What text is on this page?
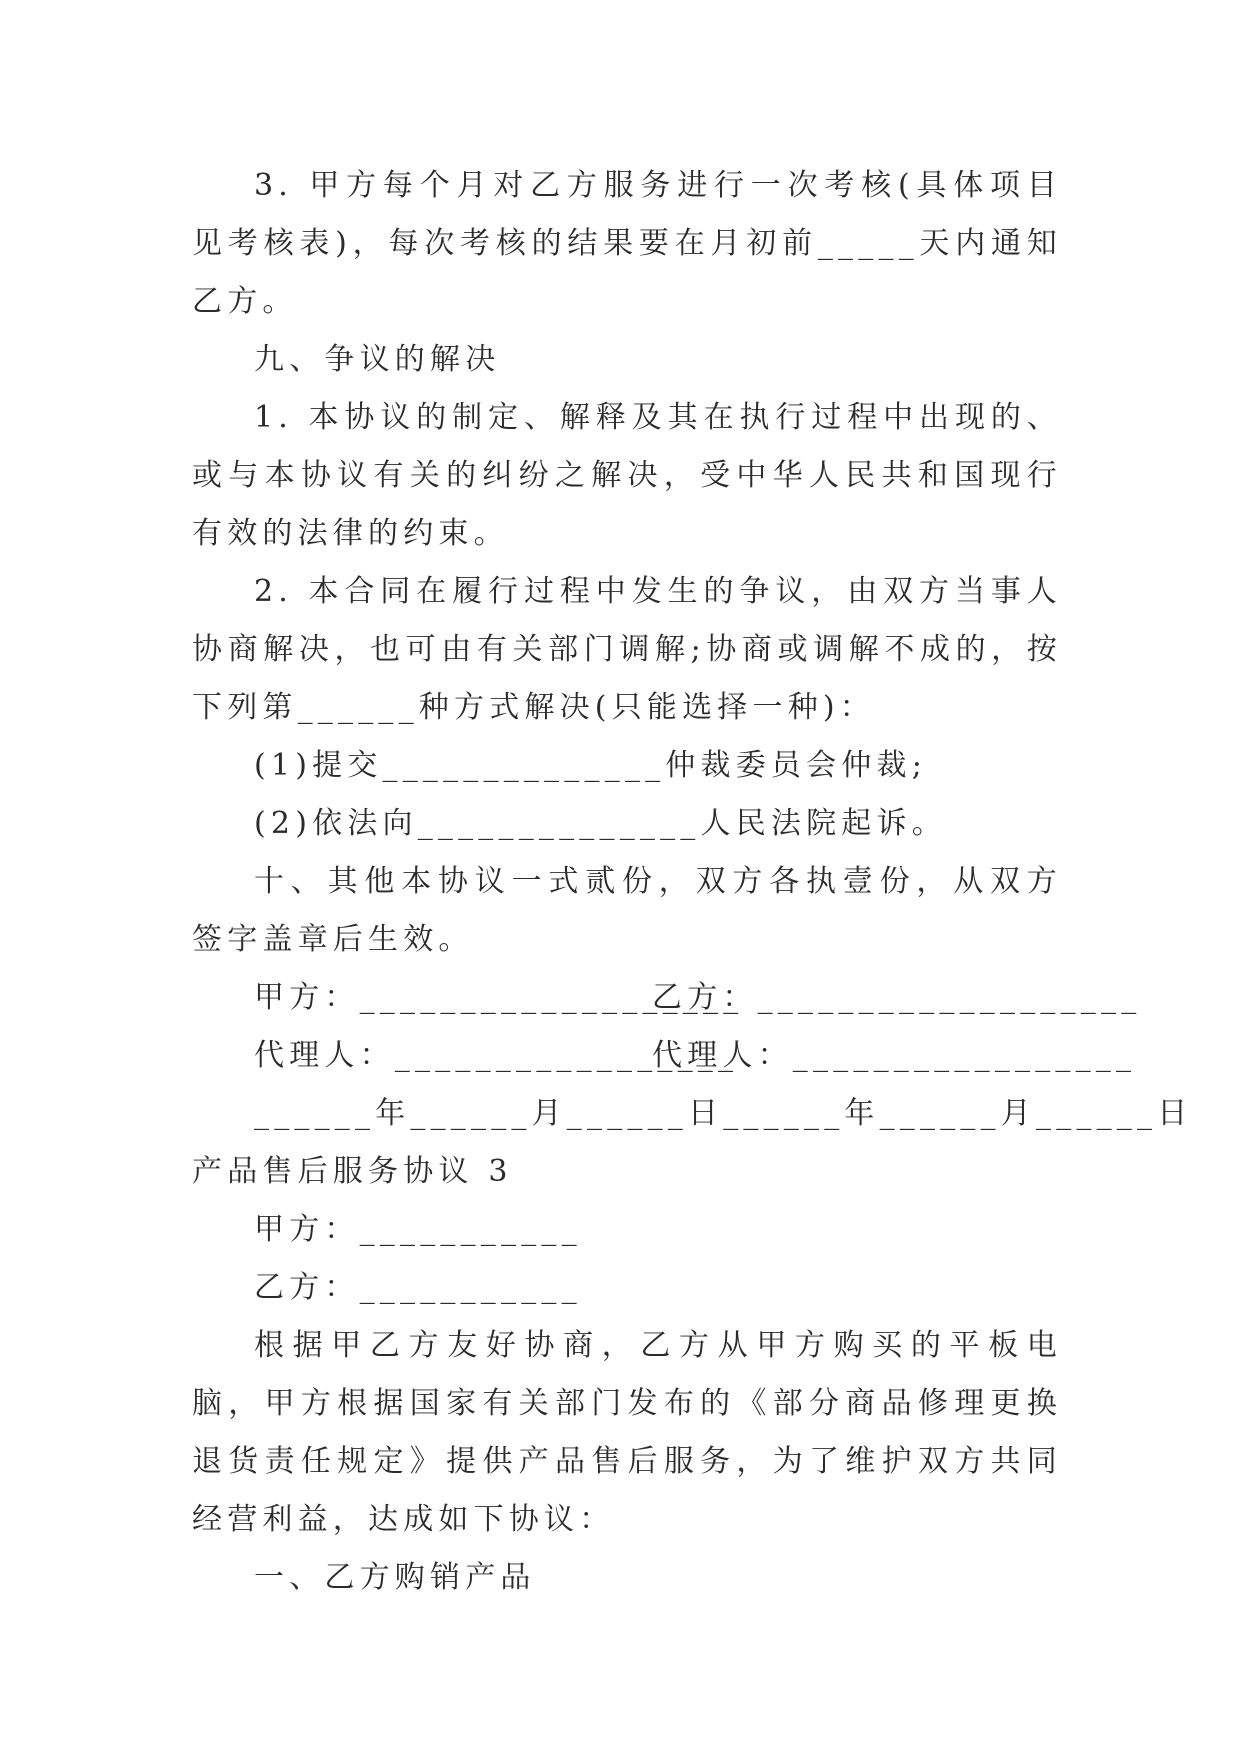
3. 甲方每个月对乙方服务进行一次考核(具体项目见考核表)，每次考核的结果要在月初前_____天内通知乙方。

九、争议的解决

1. 本协议的制定、解释及其在执行过程中出现的、或与本协议有关的纠纷之解决，受中华人民共和国现行有效的法律的约束。

2. 本合同在履行过程中发生的争议，由双方当事人协商解决，也可由有关部门调解;协商或调解不成的，按下列第______种方式解决(只能选择一种)：

(1)提交______________仲裁委员会仲裁;

(2)依法向______________人民法院起诉。

十、其他本协议一式贰份，双方各执壹份，从双方签字盖章后生效。

甲方：___________________
乙方：___________________
代理人：_________________
代理人：_________________
______年______月______日______年______月______日

产品售后服务协议 3

甲方：___________

乙方：___________

根据甲乙方友好协商，乙方从甲方购买的平板电脑，甲方根据国家有关部门发布的《部分商品修理更换退货责任规定》提供产品售后服务，为了维护双方共同经营利益，达成如下协议：

一、乙方购销产品
